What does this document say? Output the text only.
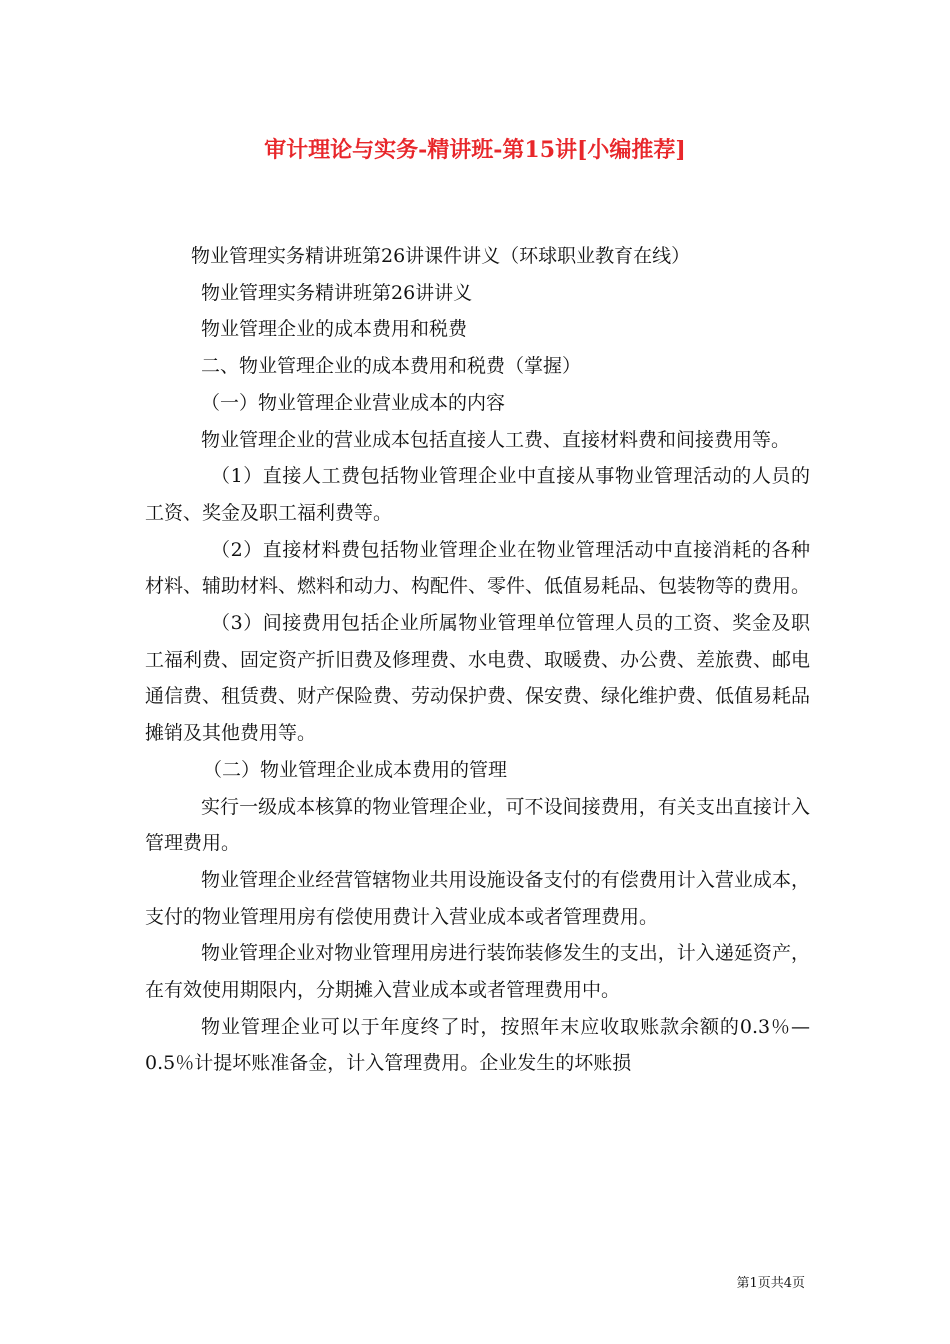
审计理论与实务-精讲班-第15讲[小编推荐]

物业管理实务精讲班第26讲课件讲义（环球职业教育在线）

物业管理实务精讲班第26讲讲义

物业管理企业的成本费用和税费

二、物业管理企业的成本费用和税费（掌握）

（一）物业管理企业营业成本的内容

物业管理企业的营业成本包括直接人工费、直接材料费和间接费用等。

（1）直接人工费包括物业管理企业中直接从事物业管理活动的人员的工资、奖金及职工福利费等。

（2）直接材料费包括物业管理企业在物业管理活动中直接消耗的各种材料、辅助材料、燃料和动力、构配件、零件、低值易耗品、包装物等的费用。

（3）间接费用包括企业所属物业管理单位管理人员的工资、奖金及职工福利费、固定资产折旧费及修理费、水电费、取暖费、办公费、差旅费、邮电通信费、租赁费、财产保险费、劳动保护费、保安费、绿化维护费、低值易耗品摊销及其他费用等。

（二）物业管理企业成本费用的管理

实行一级成本核算的物业管理企业，可不设间接费用，有关支出直接计入管理费用。

物业管理企业经营管辖物业共用设施设备支付的有偿费用计入营业成本，支付的物业管理用房有偿使用费计入营业成本或者管理费用。

物业管理企业对物业管理用房进行装饰装修发生的支出，计入递延资产，在有效使用期限内，分期摊入营业成本或者管理费用中。

物业管理企业可以于年度终了时，按照年末应收取账款余额的0.3％—0.5％计提坏账准备金，计入管理费用。企业发生的坏账损

第1页共4页
